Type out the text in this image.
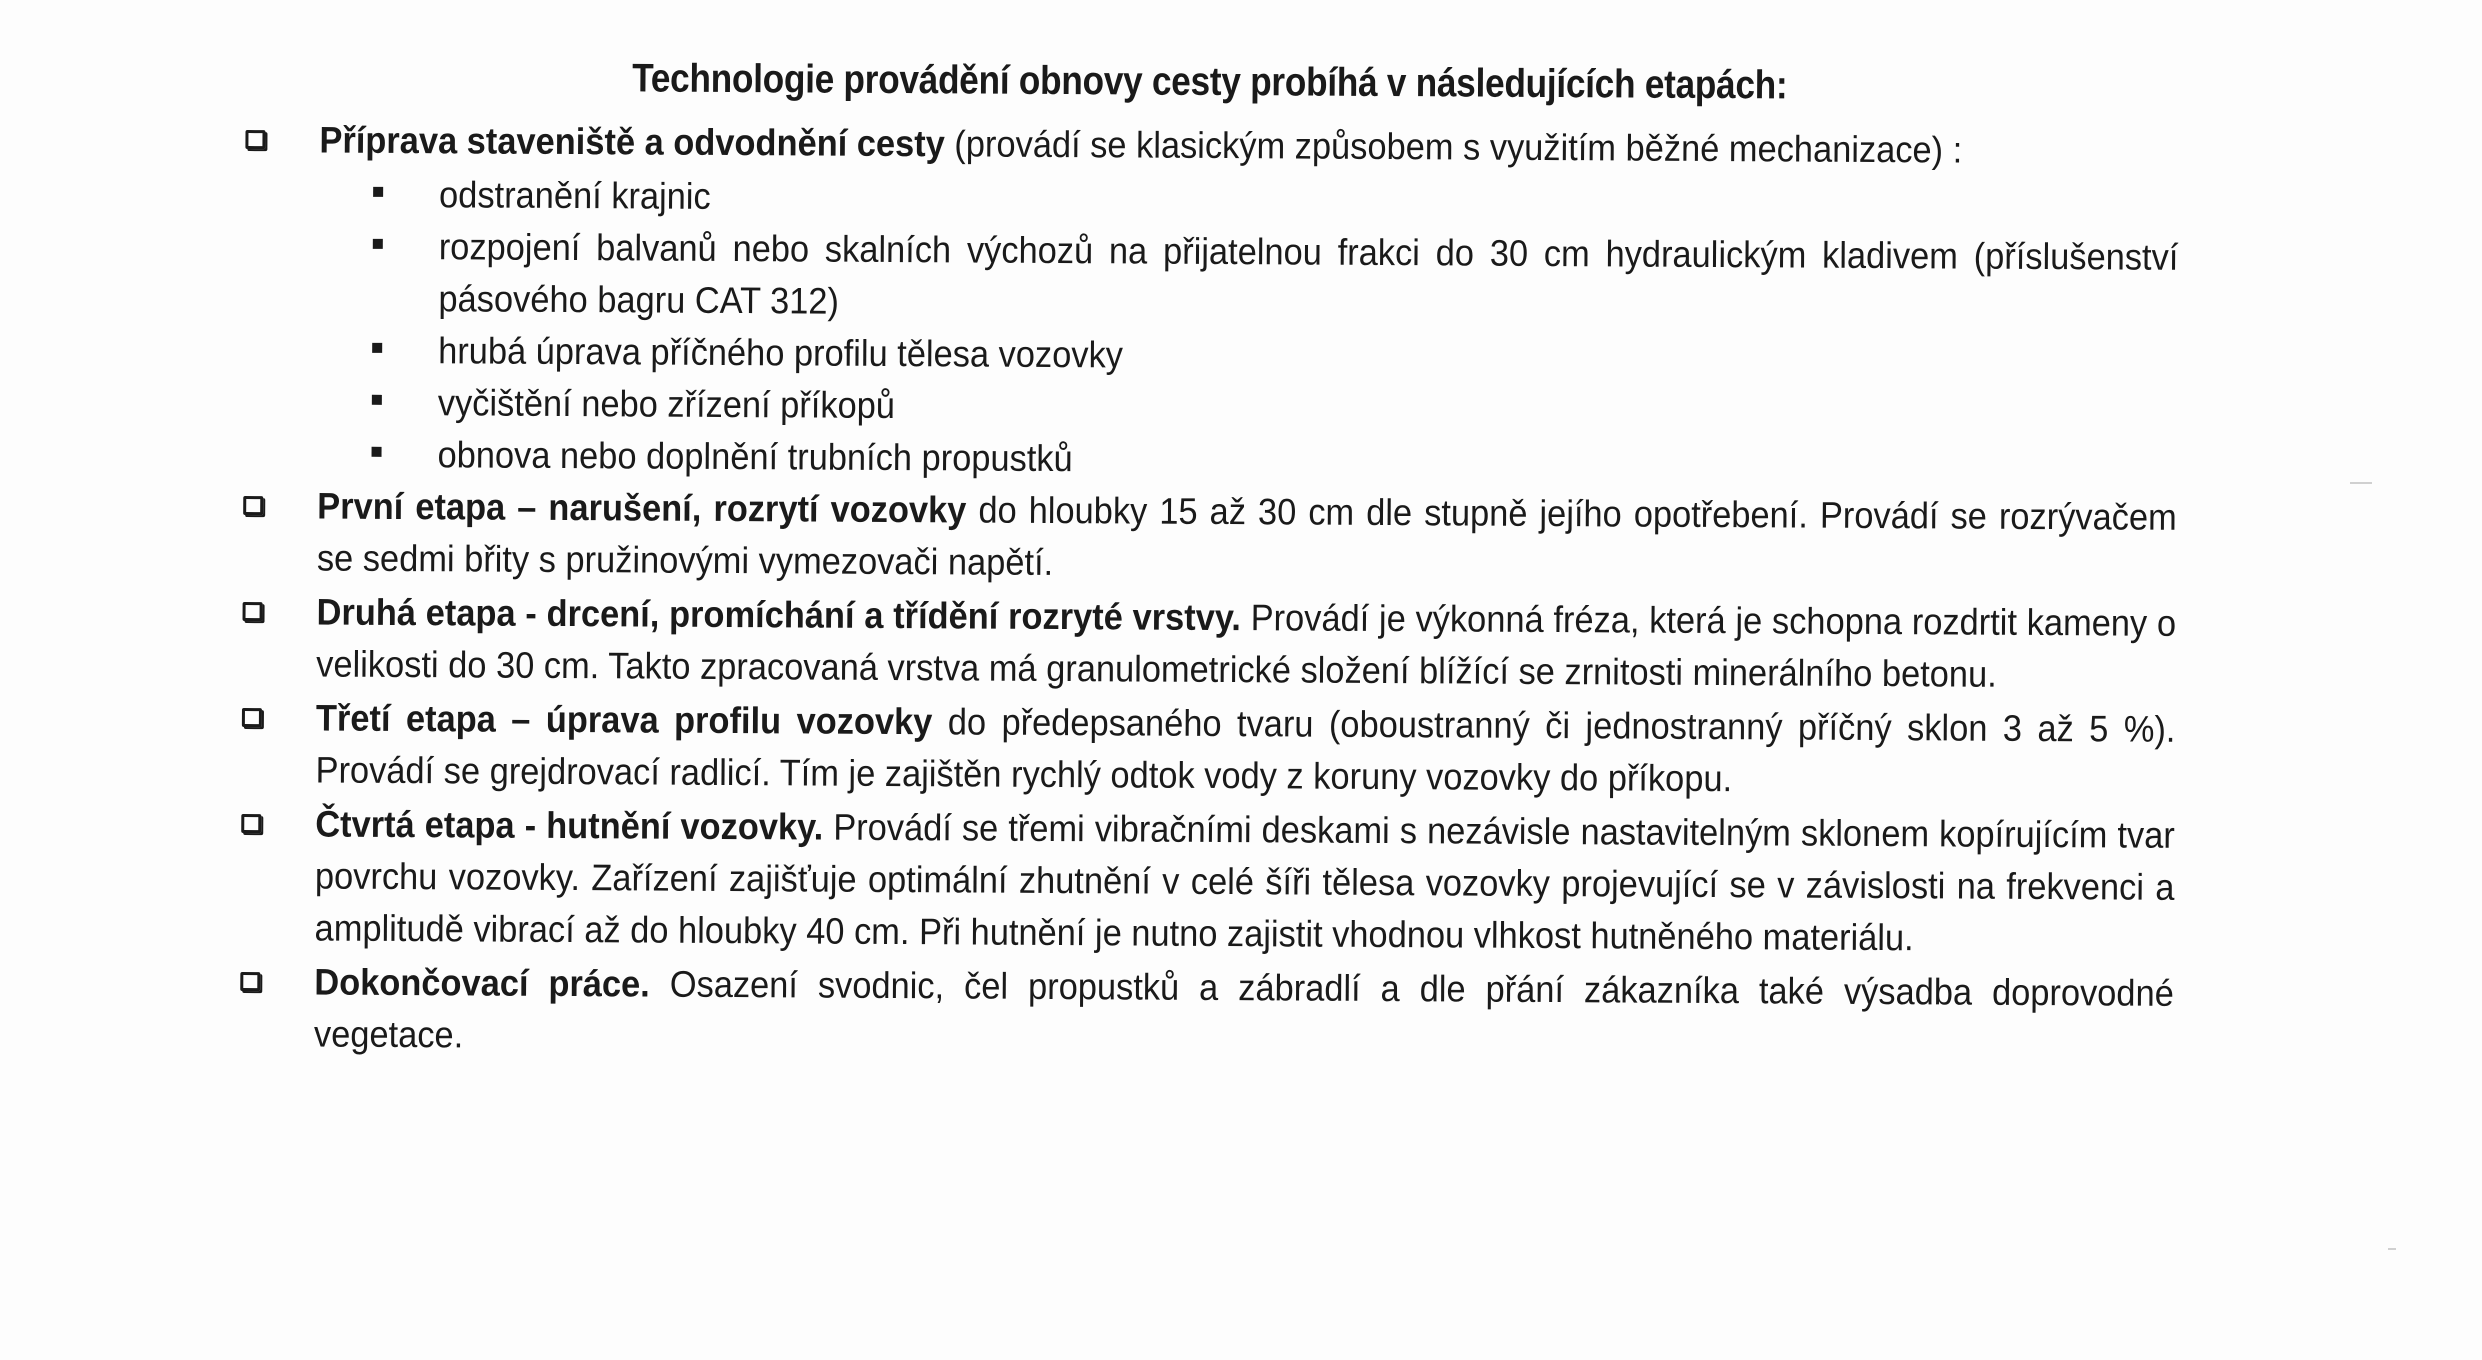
Technologie provádění obnovy cesty probíhá v následujících etapách:
Příprava staveniště a odvodnění cesty (provádí se klasickým způsobem s využitím běžné mechanizace) :
odstranění krajnic
rozpojení balvanů nebo skalních výchozů na přijatelnou frakci do 30 cm hydraulickým kladivem (příslušenství pásového bagru CAT 312)
hrubá úprava příčného profilu tělesa vozovky
vyčištění nebo zřízení příkopů
obnova nebo doplnění trubních propustků
První etapa – narušení, rozrytí vozovky do hloubky 15 až 30 cm dle stupně jejího opotřebení. Provádí se rozrývačem se sedmi břity s pružinovými vymezovači napětí.
Druhá etapa - drcení, promíchání a třídění rozryté vrstvy. Provádí je výkonná fréza, která je schopna rozdrtit kameny o velikosti do 30 cm. Takto zpracovaná vrstva má granulometrické složení blížící se zrnitosti minerálního betonu.
Třetí etapa – úprava profilu vozovky do předepsaného tvaru (oboustranný či jednostranný příčný sklon 3 až 5 %). Provádí se grejdrovací radlicí. Tím je zajištěn rychlý odtok vody z koruny vozovky do příkopu.
Čtvrtá etapa - hutnění vozovky. Provádí se třemi vibračními deskami s nezávisle nastavitelným sklonem kopírujícím tvar povrchu vozovky. Zařízení zajišťuje optimální zhutnění v celé šíři tělesa vozovky projevující se v závislosti na frekvenci a amplitudě vibrací až do hloubky 40 cm. Při hutnění je nutno zajistit vhodnou vlhkost hutněného materiálu.
Dokončovací práce. Osazení svodnic, čel propustků a zábradlí a dle přání zákazníka také výsadba doprovodné vegetace.
